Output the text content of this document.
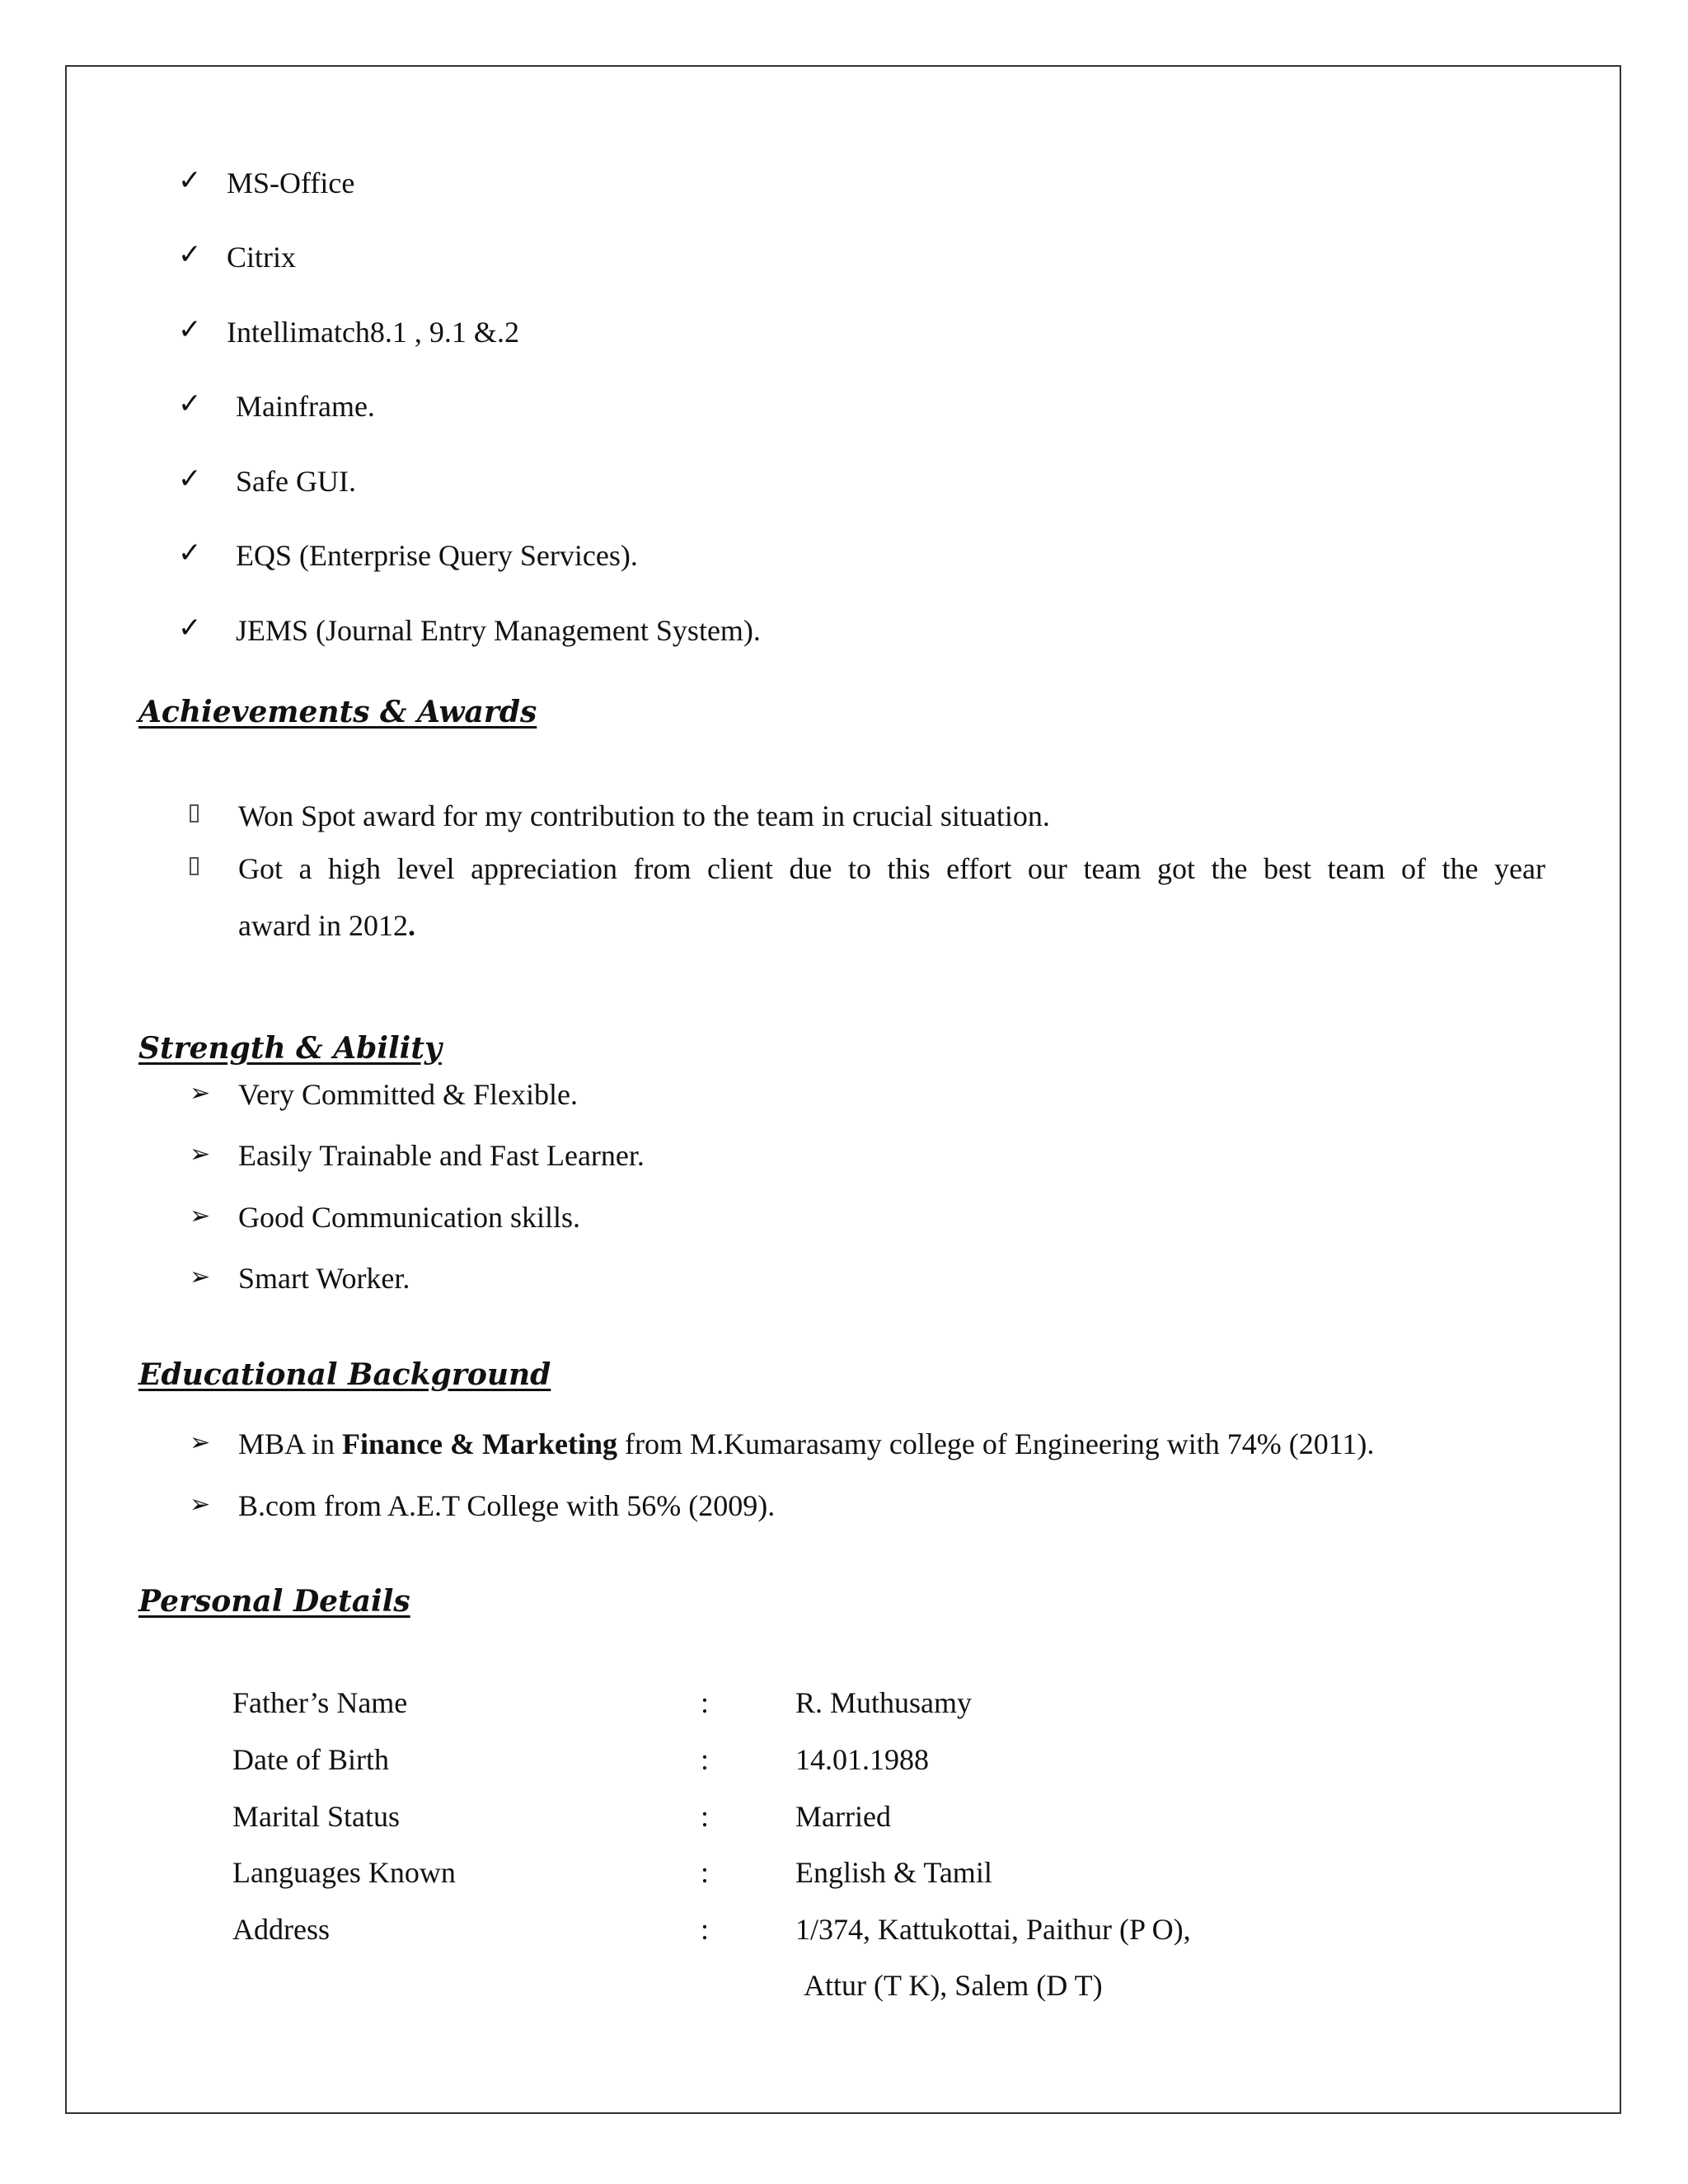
✓ MS-Office
✓ Citrix
✓ Intellimatch8.1 , 9.1 &.2
✓ Mainframe.
✓ Safe GUI.
✓ EQS (Enterprise Query Services).
✓ JEMS (Journal Entry Management System).
Achievements & Awards
Won Spot award for my contribution to the team in crucial situation.
Got a high level appreciation from client due to this effort our team got the best team of the year
award in 2012.
Strength & Ability
➢ Very Committed & Flexible.
➢ Easily Trainable and Fast Learner.
➢ Good Communication skills.
➢ Smart Worker.
Educational Background
➢ MBA in Finance & Marketing from M.Kumarasamy college of Engineering with 74% (2011).
➢ B.com from A.E.T College with 56% (2009).
Personal Details
Father’s Name	:	R. Muthusamy
Date of Birth	:	14.01.1988
Marital Status	:	Married
Languages Known	:	English & Tamil
Address	:	1/374, Kattukottai, Paithur (P O),
Attur (T K), Salem (D T)
